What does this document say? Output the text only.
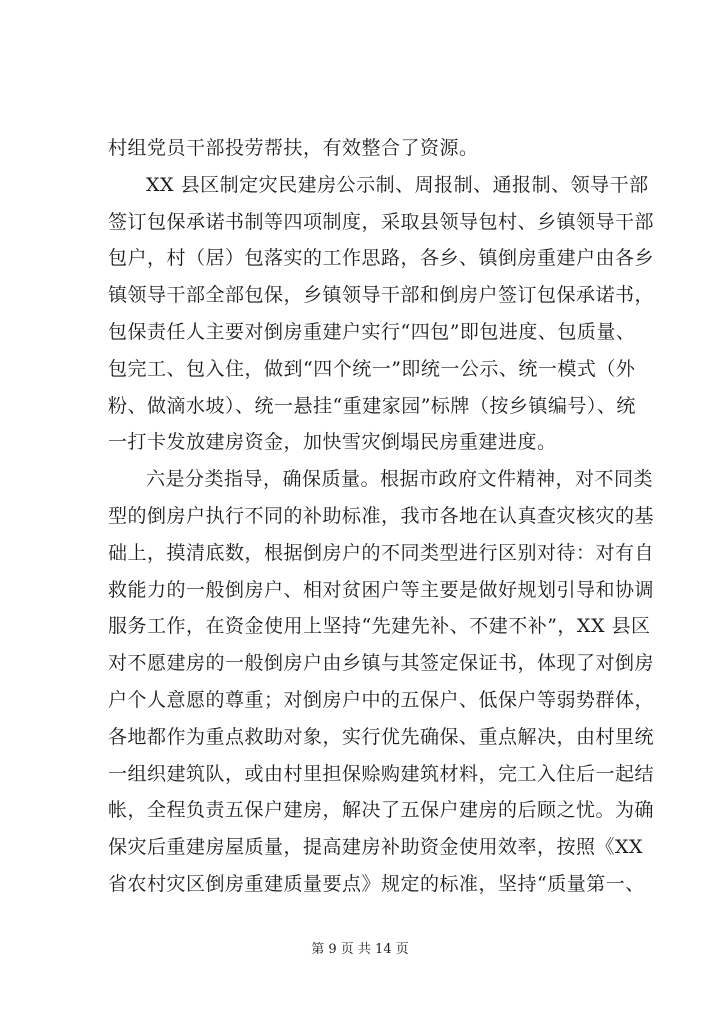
村组党员干部投劳帮扶，有效整合了资源。
XX 县区制定灾民建房公示制、周报制、通报制、领导干部
签订包保承诺书制等四项制度，采取县领导包村、乡镇领导干部
包户，村（居）包落实的工作思路，各乡、镇倒房重建户由各乡
镇领导干部全部包保，乡镇领导干部和倒房户签订包保承诺书，
包保责任人主要对倒房重建户实行“四包”即包进度、包质量、
包完工、包入住，做到“四个统一”即统一公示、统一模式（外
粉、做滴水坡）、统一悬挂“重建家园”标牌（按乡镇编号）、统
一打卡发放建房资金，加快雪灾倒塌民房重建进度。
六是分类指导，确保质量。根据市政府文件精神，对不同类
型的倒房户执行不同的补助标准，我市各地在认真查灾核灾的基
础上，摸清底数，根据倒房户的不同类型进行区别对待：对有自
救能力的一般倒房户、相对贫困户等主要是做好规划引导和协调
服务工作，在资金使用上坚持“先建先补、不建不补”，XX 县区
对不愿建房的一般倒房户由乡镇与其签定保证书，体现了对倒房
户个人意愿的尊重；对倒房户中的五保户、低保户等弱势群体，
各地都作为重点救助对象，实行优先确保、重点解决，由村里统
一组织建筑队，或由村里担保赊购建筑材料，完工入住后一起结
帐，全程负责五保户建房，解决了五保户建房的后顾之忧。为确
保灾后重建房屋质量，提高建房补助资金使用效率，按照《XX
省农村灾区倒房重建质量要点》规定的标准，坚持“质量第一、
第 9 页 共 14 页
